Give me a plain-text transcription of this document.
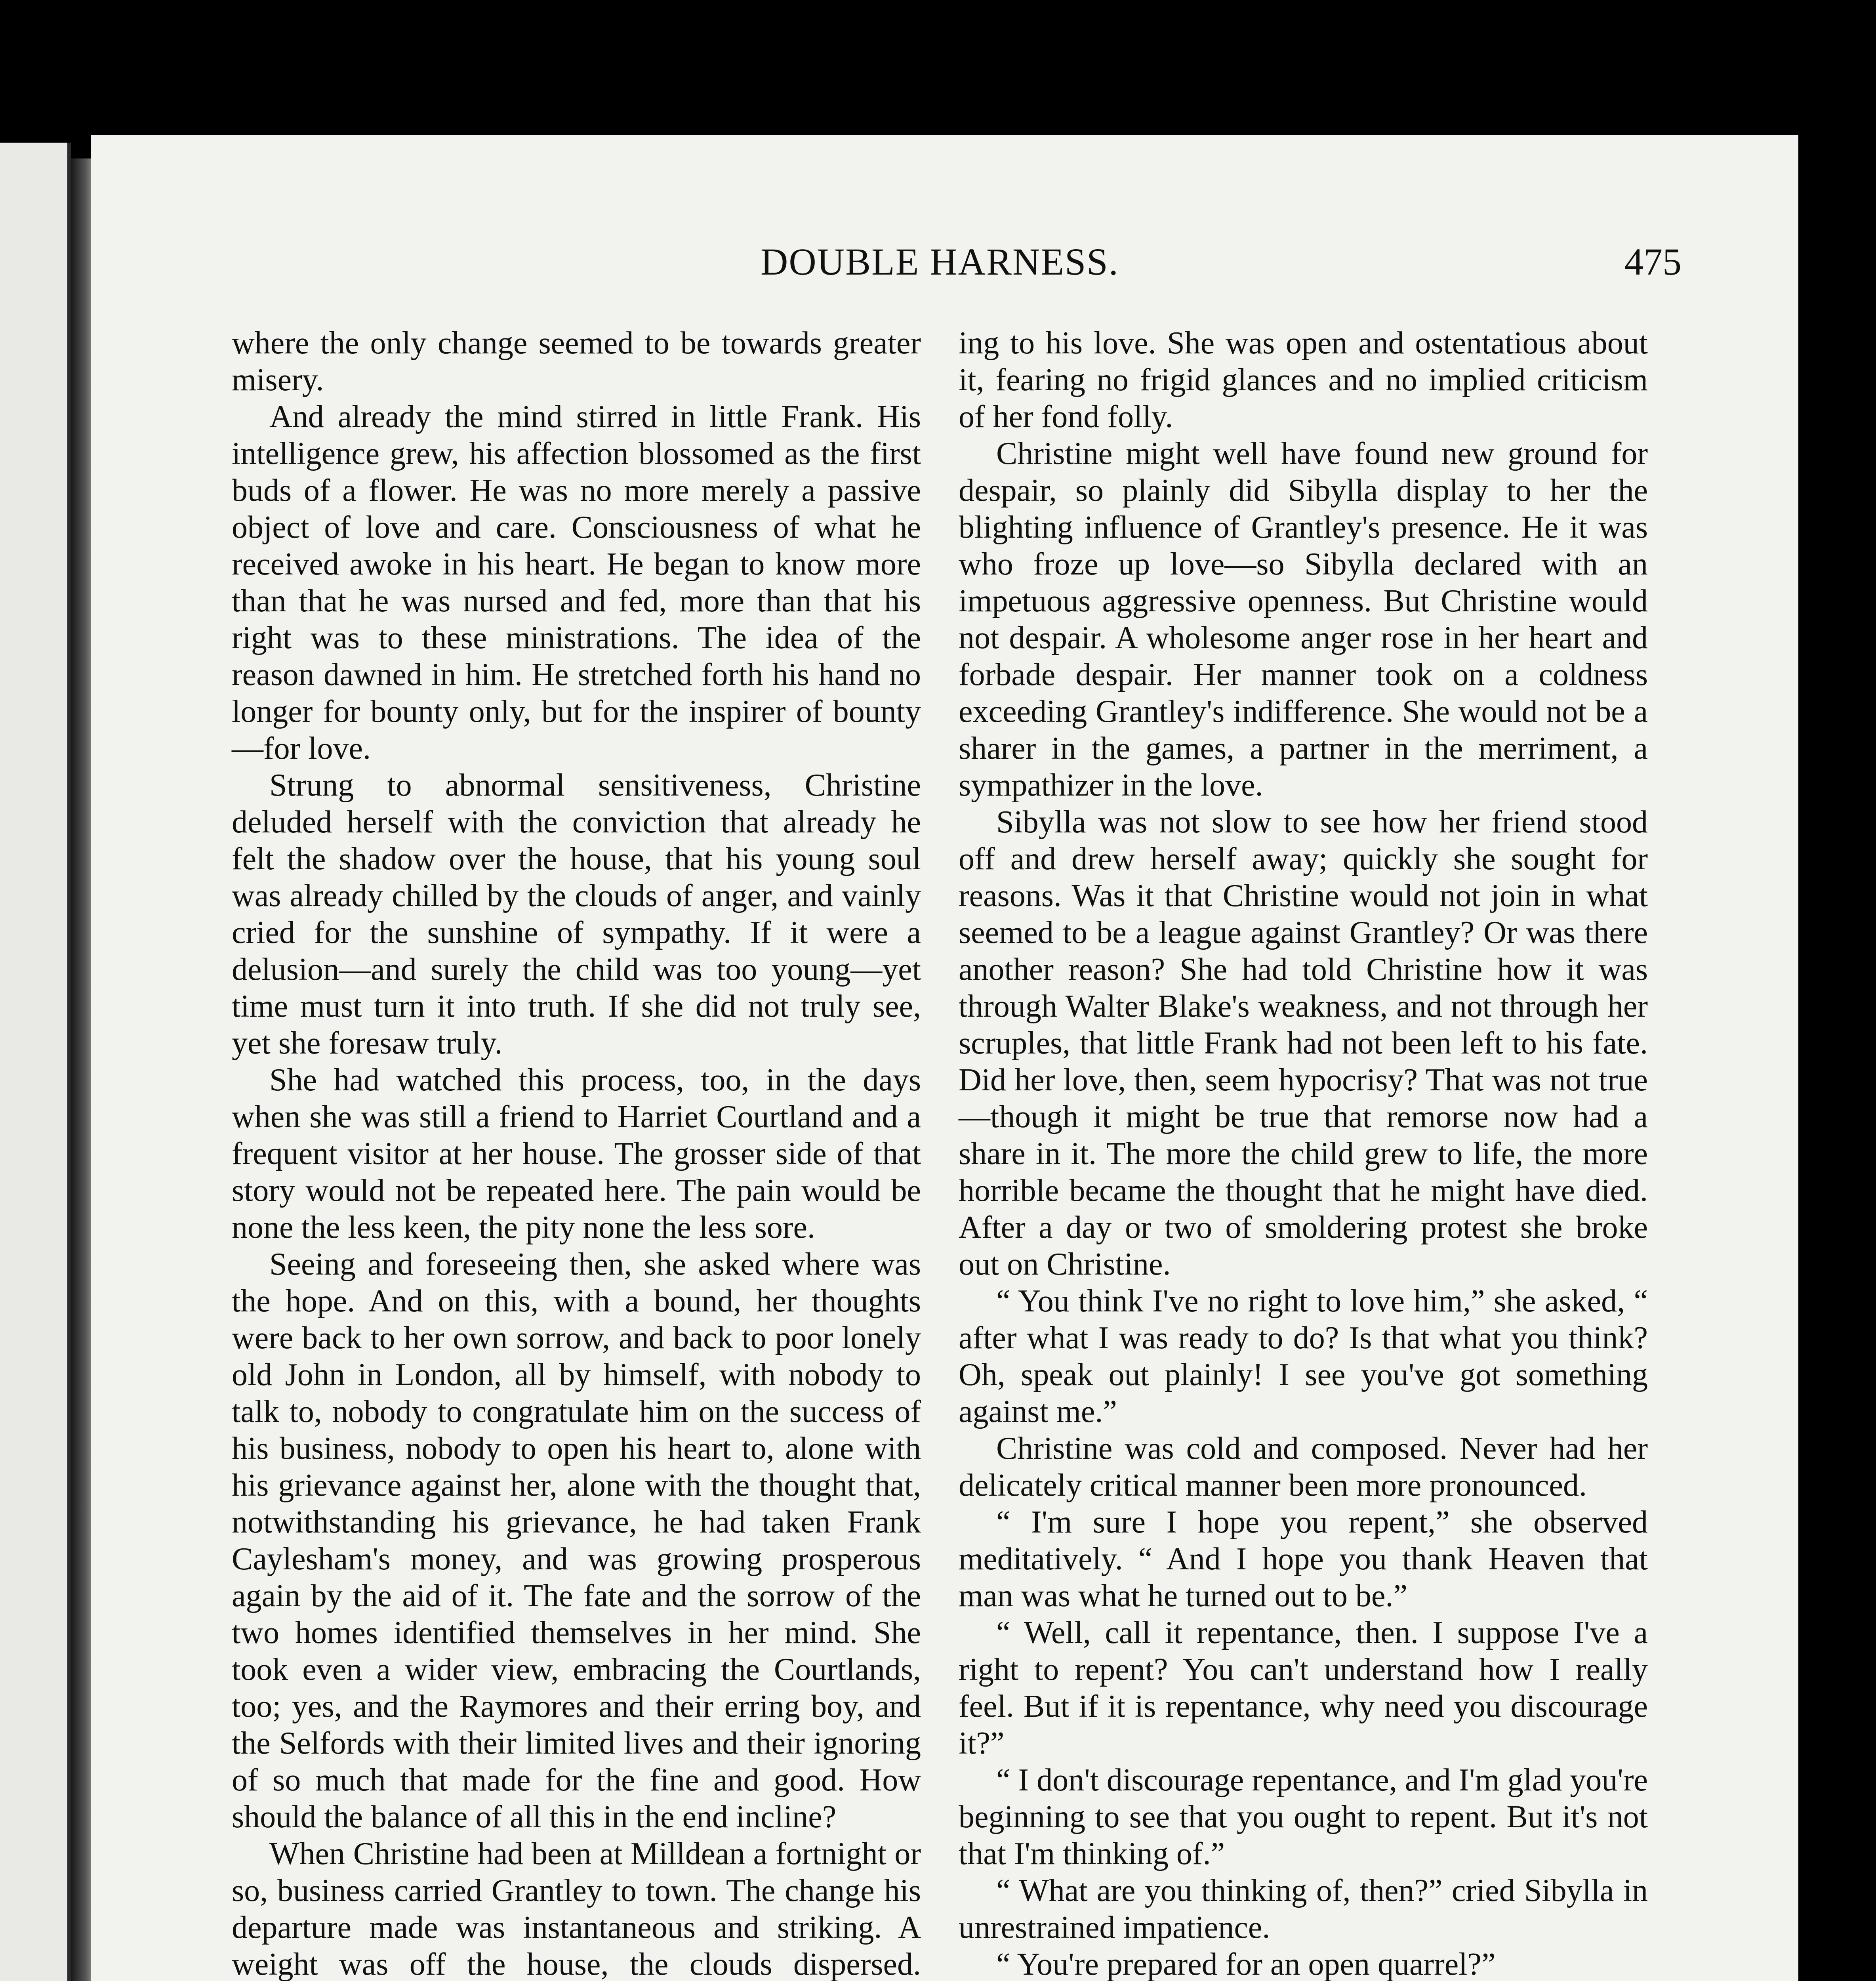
DOUBLE HARNESS.	475

where the only change seemed to be towards greater misery.

And already the mind stirred in little Frank. His intelligence grew, his affection blossomed as the first buds of a flower. He was no more merely a passive object of love and care. Consciousness of what he received awoke in his heart. He began to know more than that he was nursed and fed, more than that his right was to these ministrations. The idea of the reason dawned in him. He stretched forth his hand no longer for bounty only, but for the inspirer of bounty—for love.

Strung to abnormal sensitiveness, Christine deluded herself with the conviction that already he felt the shadow over the house, that his young soul was already chilled by the clouds of anger, and vainly cried for the sunshine of sympathy. If it were a delusion—and surely the child was too young—yet time must turn it into truth. If she did not truly see, yet she foresaw truly.

She had watched this process, too, in the days when she was still a friend to Harriet Courtland and a frequent visitor at her house. The grosser side of that story would not be repeated here. The pain would be none the less keen, the pity none the less sore.

Seeing and foreseeing then, she asked where was the hope. And on this, with a bound, her thoughts were back to her own sorrow, and back to poor lonely old John in London, all by himself, with nobody to talk to, nobody to congratulate him on the success of his business, nobody to open his heart to, alone with his grievance against her, alone with the thought that, notwithstanding his grievance, he had taken Frank Caylesham's money, and was growing prosperous again by the aid of it. The fate and the sorrow of the two homes identified themselves in her mind. She took even a wider view, embracing the Courtlands, too; yes, and the Raymores and their erring boy, and the Selfords with their limited lives and their ignoring of so much that made for the fine and good. How should the balance of all this in the end incline?

When Christine had been at Milldean a fortnight or so, business carried Grantley to town. The change his departure made was instantaneous and striking. A weight was off the house, the clouds dispersed.

ing to his love. She was open and ostentatious about it, fearing no frigid glances and no implied criticism of her fond folly.

Christine might well have found new ground for despair, so plainly did Sibylla display to her the blighting influence of Grantley's presence. He it was who froze up love—so Sibylla declared with an impetuous aggressive openness. But Christine would not despair. A wholesome anger rose in her heart and forbade despair. Her manner took on a coldness exceeding Grantley's indifference. She would not be a sharer in the games, a partner in the merriment, a sympathizer in the love.

Sibylla was not slow to see how her friend stood off and drew herself away; quickly she sought for reasons. Was it that Christine would not join in what seemed to be a league against Grantley? Or was there another reason? She had told Christine how it was through Walter Blake's weakness, and not through her scruples, that little Frank had not been left to his fate. Did her love, then, seem hypocrisy? That was not true—though it might be true that remorse now had a share in it. The more the child grew to life, the more horrible became the thought that he might have died. After a day or two of smoldering protest she broke out on Christine.

“ You think I've no right to love him,” she asked, “ after what I was ready to do? Is that what you think? Oh, speak out plainly! I see you've got something against me.”

Christine was cold and composed. Never had her delicately critical manner been more pronounced.

“ I'm sure I hope you repent,” she observed meditatively. “ And I hope you thank Heaven that man was what he turned out to be.”

“ Well, call it repentance, then. I suppose I've a right to repent? You can't understand how I really feel. But if it is repentance, why need you discourage it?”

“ I don't discourage repentance, and I'm glad you're beginning to see that you ought to repent. But it's not that I'm thinking of.”

“ What are you thinking of, then?” cried Sibylla in unrestrained impatience.

“ You're prepared for an open quarrel?”
